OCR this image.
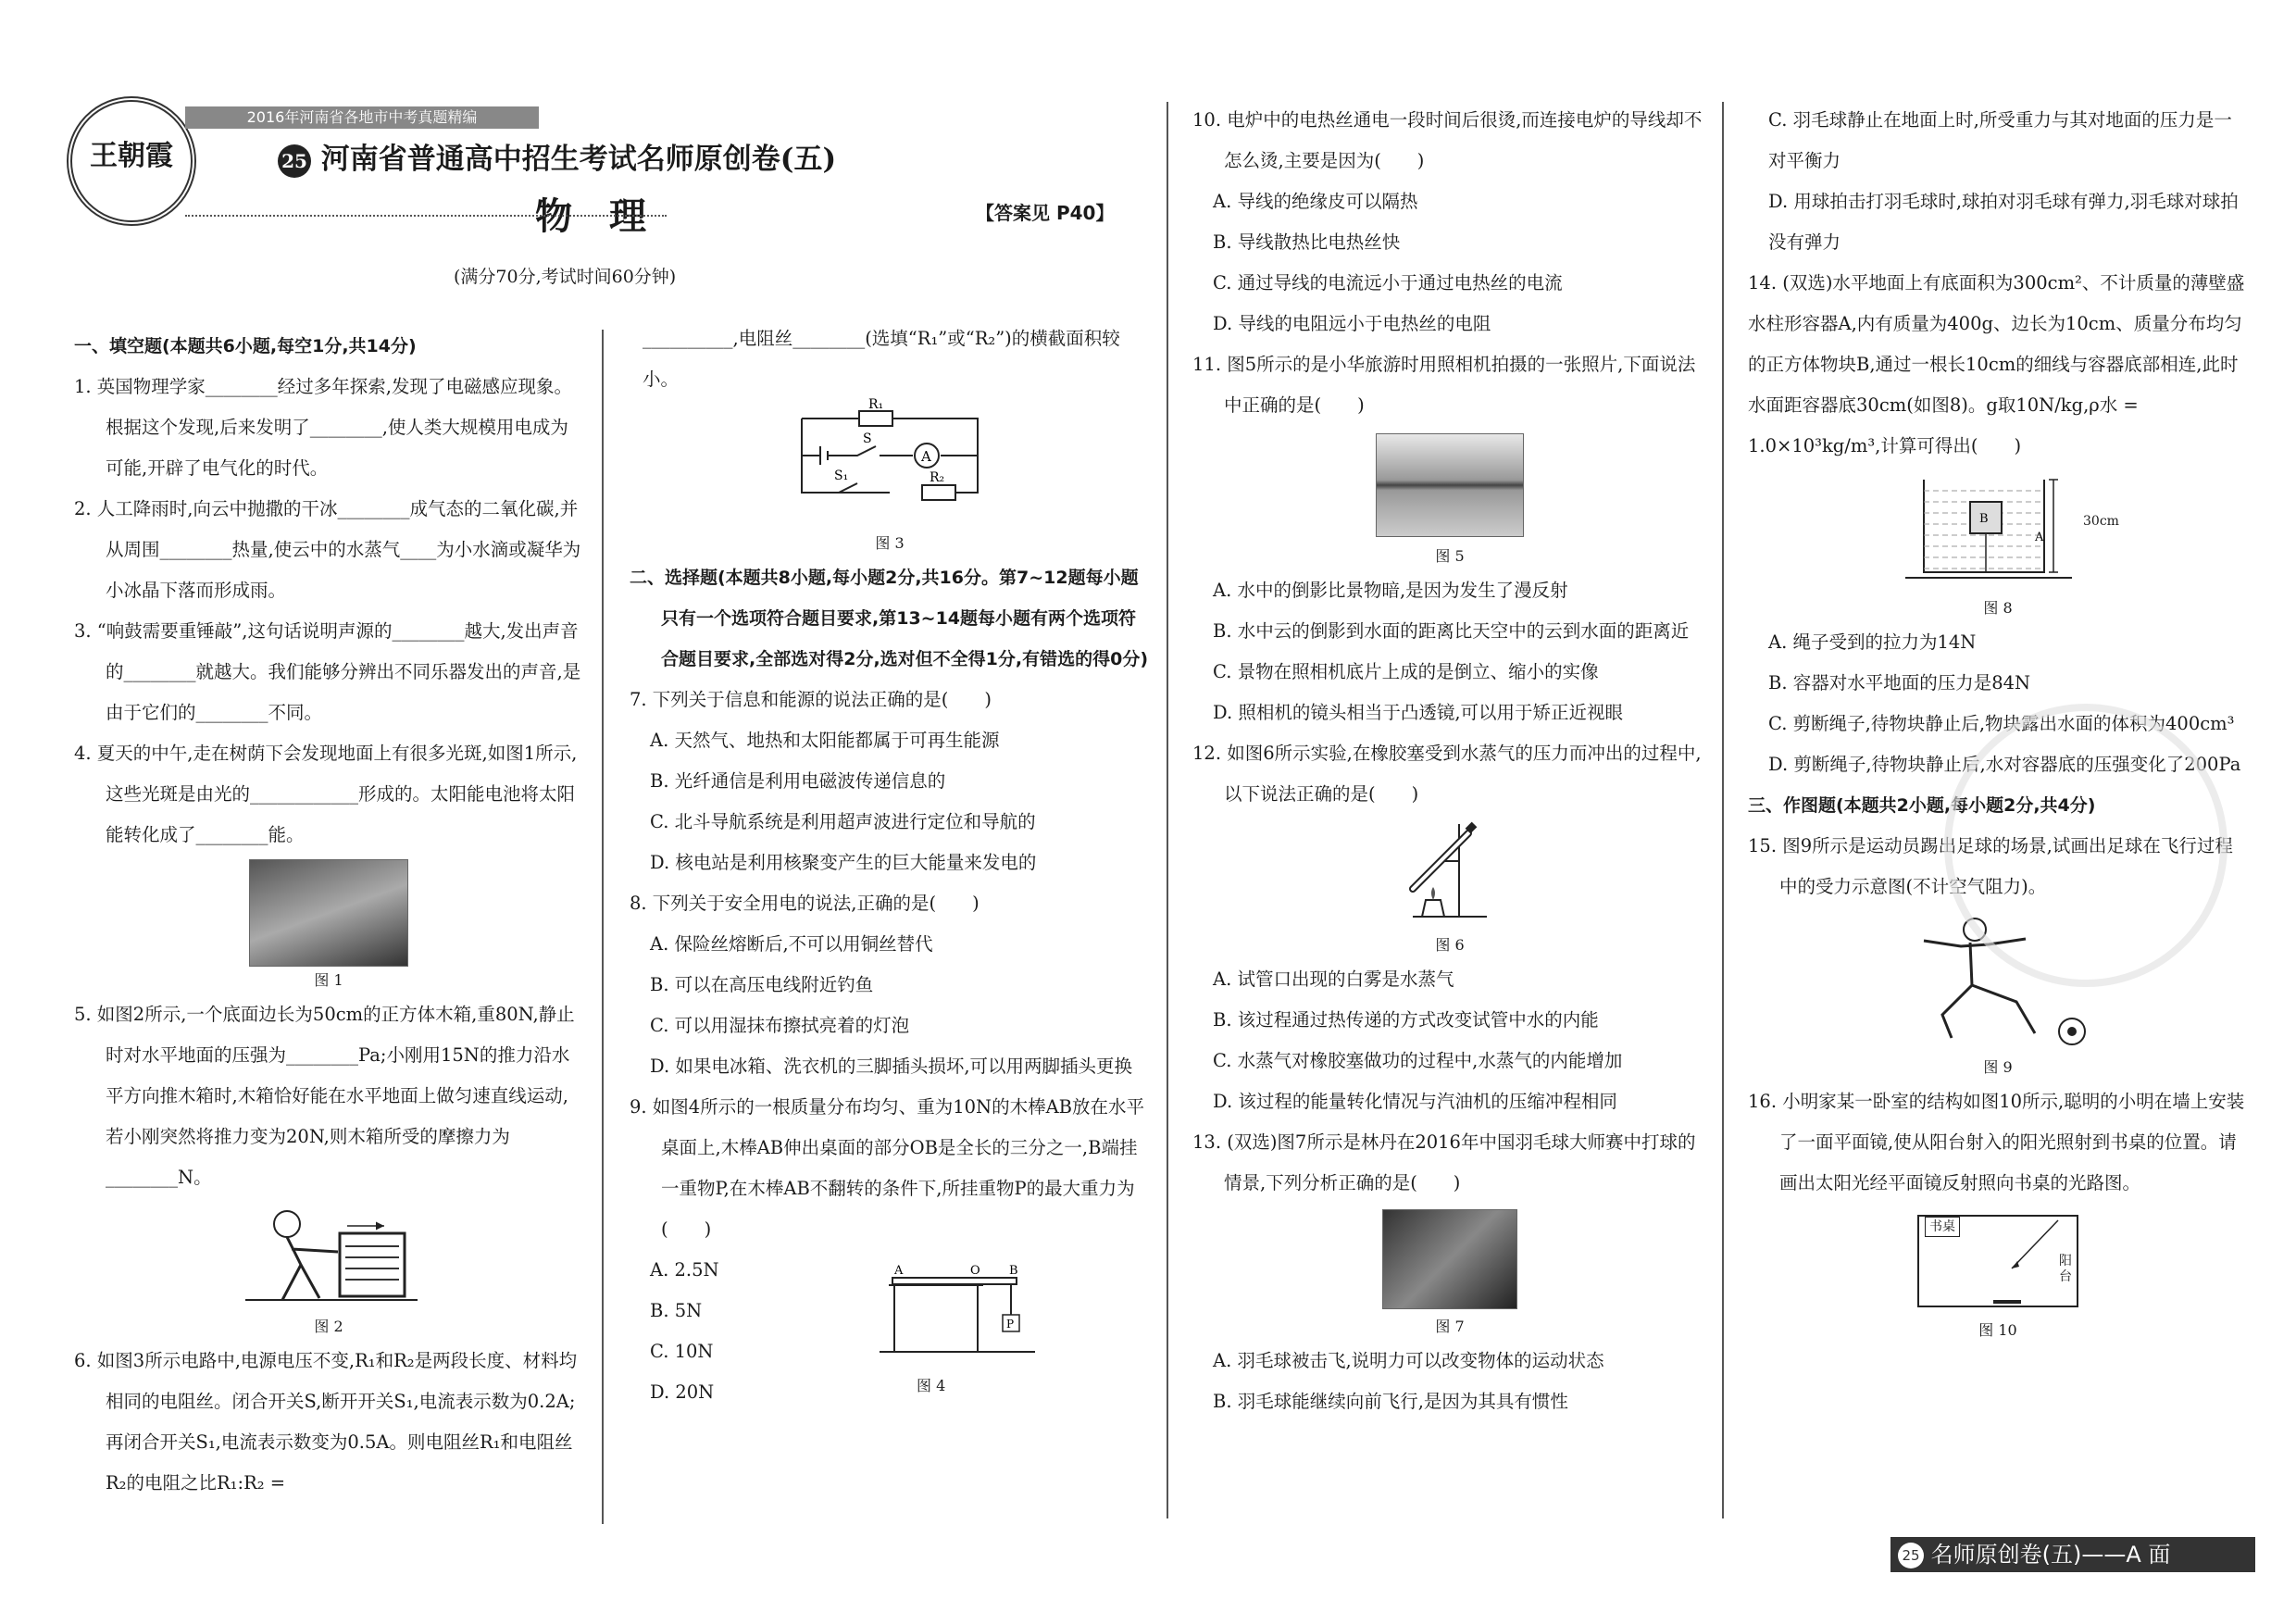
王朝霞
2016年河南省各地市中考真题精编
25 河南省普通高中招生考试名师原创卷(五)
物　理	【答案见 P40】
(满分70分,考试时间60分钟)

一、填空题(本题共6小题,每空1分,共14分)

1. 英国物理学家________经过多年探索,发现了电磁感应现象。根据这个发现,后来发明了________,使人类大规模用电成为可能,开辟了电气化的时代。

2. 人工降雨时,向云中抛撒的干冰________成气态的二氧化碳,并从周围________热量,使云中的水蒸气____为小水滴或凝华为小冰晶下落而形成雨。

3. “响鼓需要重锤敲”,这句话说明声源的________越大,发出声音的________就越大。我们能够分辨出不同乐器发出的声音,是由于它们的________不同。

4. 夏天的中午,走在树荫下会发现地面上有很多光斑,如图1所示,这些光斑是由光的____________形成的。太阳能电池将太阳能转化成了________能。

图 1

5. 如图2所示,一个底面边长为50cm的正方体木箱,重80N,静止时对水平地面的压强为________Pa;小刚用15N的推力沿水平方向推木箱时,木箱恰好能在水平地面上做匀速直线运动,若小刚突然将推力变为20N,则木箱所受的摩擦力为________N。

图 2

6. 如图3所示电路中,电源电压不变,R₁和R₂是两段长度、材料均相同的电阻丝。闭合开关S,断开开关S₁,电流表示数为0.2A;再闭合开关S₁,电流表示数变为0.5A。则电阻丝R₁和电阻丝R₂的电阻之比R₁:R₂ =

__________,电阻丝________(选填“R₁”或“R₂”)的横截面积较小。

A
R₁
R₂
S
S₁

图 3

二、选择题(本题共8小题,每小题2分,共16分。第7~12题每小题只有一个选项符合题目要求,第13~14题每小题有两个选项符合题目要求,全部选对得2分,选对但不全得1分,有错选的得0分)

7. 下列关于信息和能源的说法正确的是(　　)

A. 天然气、地热和太阳能都属于可再生能源

B. 光纤通信是利用电磁波传递信息的

C. 北斗导航系统是利用超声波进行定位和导航的

D. 核电站是利用核聚变产生的巨大能量来发电的

8. 下列关于安全用电的说法,正确的是(　　)

A. 保险丝熔断后,不可以用铜丝替代

B. 可以在高压电线附近钓鱼

C. 可以用湿抹布擦拭亮着的灯泡

D. 如果电冰箱、洗衣机的三脚插头损坏,可以用两脚插头更换

9. 如图4所示的一根质量分布均匀、重为10N的木棒AB放在水平桌面上,木棒AB伸出桌面的部分OB是全长的三分之一,B端挂一重物P,在木棒AB不翻转的条件下,所挂重物P的最大重力为(　　)

A. 2.5N

B. 5N

C. 10N

D. 20N

A	O B
P

图 4

10. 电炉中的电热丝通电一段时间后很烫,而连接电炉的导线却不怎么烫,主要是因为(　　)

A. 导线的绝缘皮可以隔热

B. 导线散热比电热丝快

C. 通过导线的电流远小于通过电热丝的电流

D. 导线的电阻远小于电热丝的电阻

11. 图5所示的是小华旅游时用照相机拍摄的一张照片,下面说法中正确的是(　　)

图 5

A. 水中的倒影比景物暗,是因为发生了漫反射

B. 水中云的倒影到水面的距离比天空中的云到水面的距离近

C. 景物在照相机底片上成的是倒立、缩小的实像

D. 照相机的镜头相当于凸透镜,可以用于矫正近视眼

12. 如图6所示实验,在橡胶塞受到水蒸气的压力而冲出的过程中,以下说法正确的是(　　)

图 6

A. 试管口出现的白雾是水蒸气

B. 该过程通过热传递的方式改变试管中水的内能

C. 水蒸气对橡胶塞做功的过程中,水蒸气的内能增加

D. 该过程的能量转化情况与汽油机的压缩冲程相同

13. (双选)图7所示是林丹在2016年中国羽毛球大师赛中打球的情景,下列分析正确的是(　　)

图 7

A. 羽毛球被击飞,说明力可以改变物体的运动状态

B. 羽毛球能继续向前飞行,是因为其具有惯性

C. 羽毛球静止在地面上时,所受重力与其对地面的压力是一对平衡力

D. 用球拍击打羽毛球时,球拍对羽毛球有弹力,羽毛球对球拍没有弹力

14. (双选)水平地面上有底面积为300cm²、不计质量的薄壁盛水柱形容器A,内有质量为400g、边长为10cm、质量分布均匀的正方体物块B,通过一根长10cm的细线与容器底部相连,此时水面距容器底30cm(如图8)。g取10N/kg,ρ水 = 1.0×10³kg/m³,计算可得出(　　)

B
A
30cm

图 8

A. 绳子受到的拉力为14N

B. 容器对水平地面的压力是84N

C. 剪断绳子,待物块静止后,物块露出水面的体积为400cm³

D. 剪断绳子,待物块静止后,水对容器底的压强变化了200Pa

三、作图题(本题共2小题,每小题2分,共4分)

15. 图9所示是运动员踢出足球的场景,试画出足球在飞行过程中的受力示意图(不计空气阻力)。

图 9

16. 小明家某一卧室的结构如图10所示,聪明的小明在墙上安装了一面平面镜,使从阳台射入的阳光照射到书桌的位置。请画出太阳光经平面镜反射照向书桌的光路图。

书桌
阳台

图 10

25 名师原创卷(五)——A 面
